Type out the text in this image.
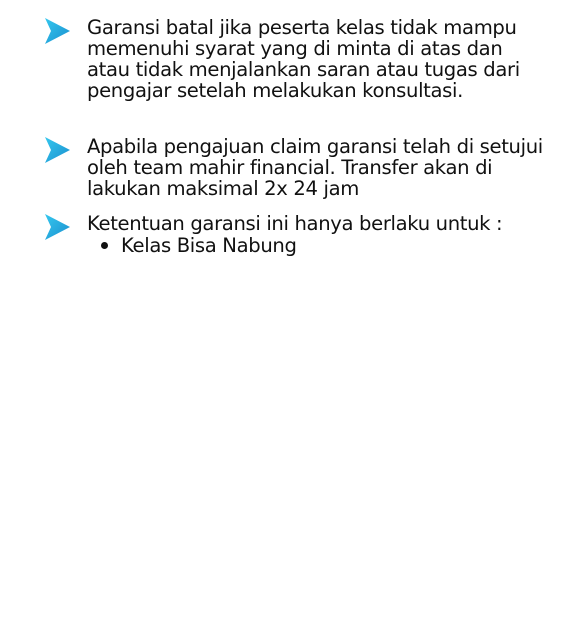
Garansi batal jika peserta kelas tidak mampu memenuhi syarat yang di minta di atas dan atau tidak menjalankan saran atau tugas dari pengajar setelah melakukan konsultasi.
Apabila pengajuan claim garansi telah di setujui oleh team mahir financial. Transfer akan di lakukan maksimal 2x 24 jam
Ketentuan garansi ini hanya berlaku untuk :
Kelas Bisa Nabung
